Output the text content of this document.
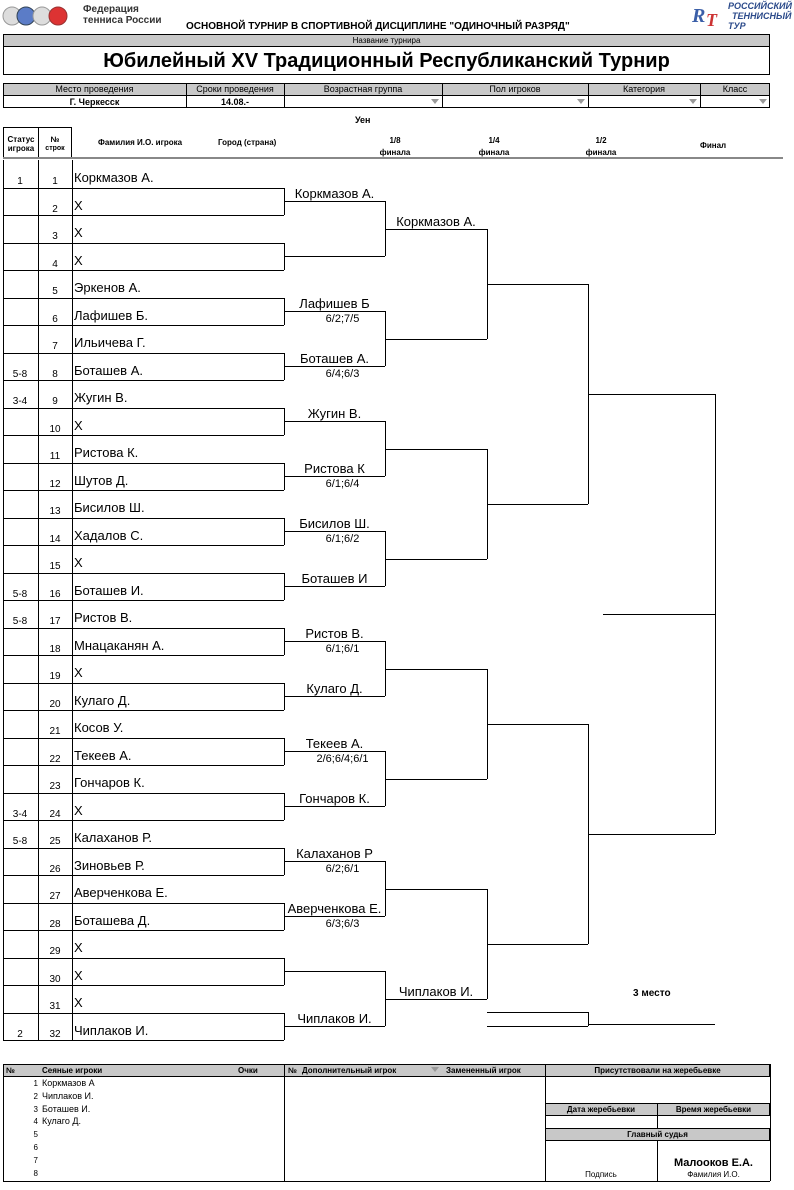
Федерация
тенниса России	R T
РОССИЙСКИЙ
ТЕННИСНЫЙ
ТУР
ОСНОВНОЙ ТУРНИР В СПОРТИВНОЙ ДИСЦИПЛИНЕ "ОДИНОЧНЫЙ РАЗРЯД"
Название турнира
Юбилейный XV Традиционный Республиканский Турнир
Место проведения	Сроки проведения	Возрастная группа	Пол игроков	Категория	Класс
Г. Черкесск	14.08.-
Уен
Статус
игрока
№
строк
Фамилия И.О. игрока	Город (страна)	1/8
финала
1/4
финала
1/2
финала
Финал
1	1	Коркмазов А.
2	Х
3	Х
4	Х
5	Эркенов А.
6	Лафишев Б.
7	Ильичева Г.
5-8	8	Боташев А.
3-4	9	Жугин В.
10	Х
11	Ристова К.
12	Шутов Д.
13	Бисилов Ш.
14	Хадалов С.
15	Х
5-8	16	Боташев И.
5-8	17	Ристов В.
18	Мнацаканян А.
19	Х
20	Кулаго Д.
21	Косов У.
22	Текеев А.
23	Гончаров К.
3-4	24	Х
5-8	25	Калаханов Р.
26	Зиновьев Р.
27	Аверченкова Е.
28	Боташева Д.
29	Х
30	Х
31	Х
2	32	Чиплаков И.
Коркмазов А.
Лафишев Б
6/2;7/5
Боташев А.
6/4;6/3
Жугин В.
Ристова К
6/1;6/4
Бисилов Ш.
6/1;6/2
Боташев И
Ристов В.
6/1;6/1
Кулаго Д.
Текеев А.
2/6;6/4;6/1
Гончаров К.
Калаханов Р
6/2;6/1
Аверченкова Е.
6/3;6/3
Чиплаков И.
Коркмазов А.
Чиплаков И.	3 место
№	Сеяные игроки	Очки	№ Дополнительный игрок	Замененный игрок	Присутствовали на жеребьевке
1 Коркмазов А
2 Чиплаков И.
3 Боташев И.
4 Кулаго Д.
5
6
7
8
Дата жеребьевки	Время жеребьевки
Главный судья
Малооков Е.А.
Подпись	Фамилия И.О.
